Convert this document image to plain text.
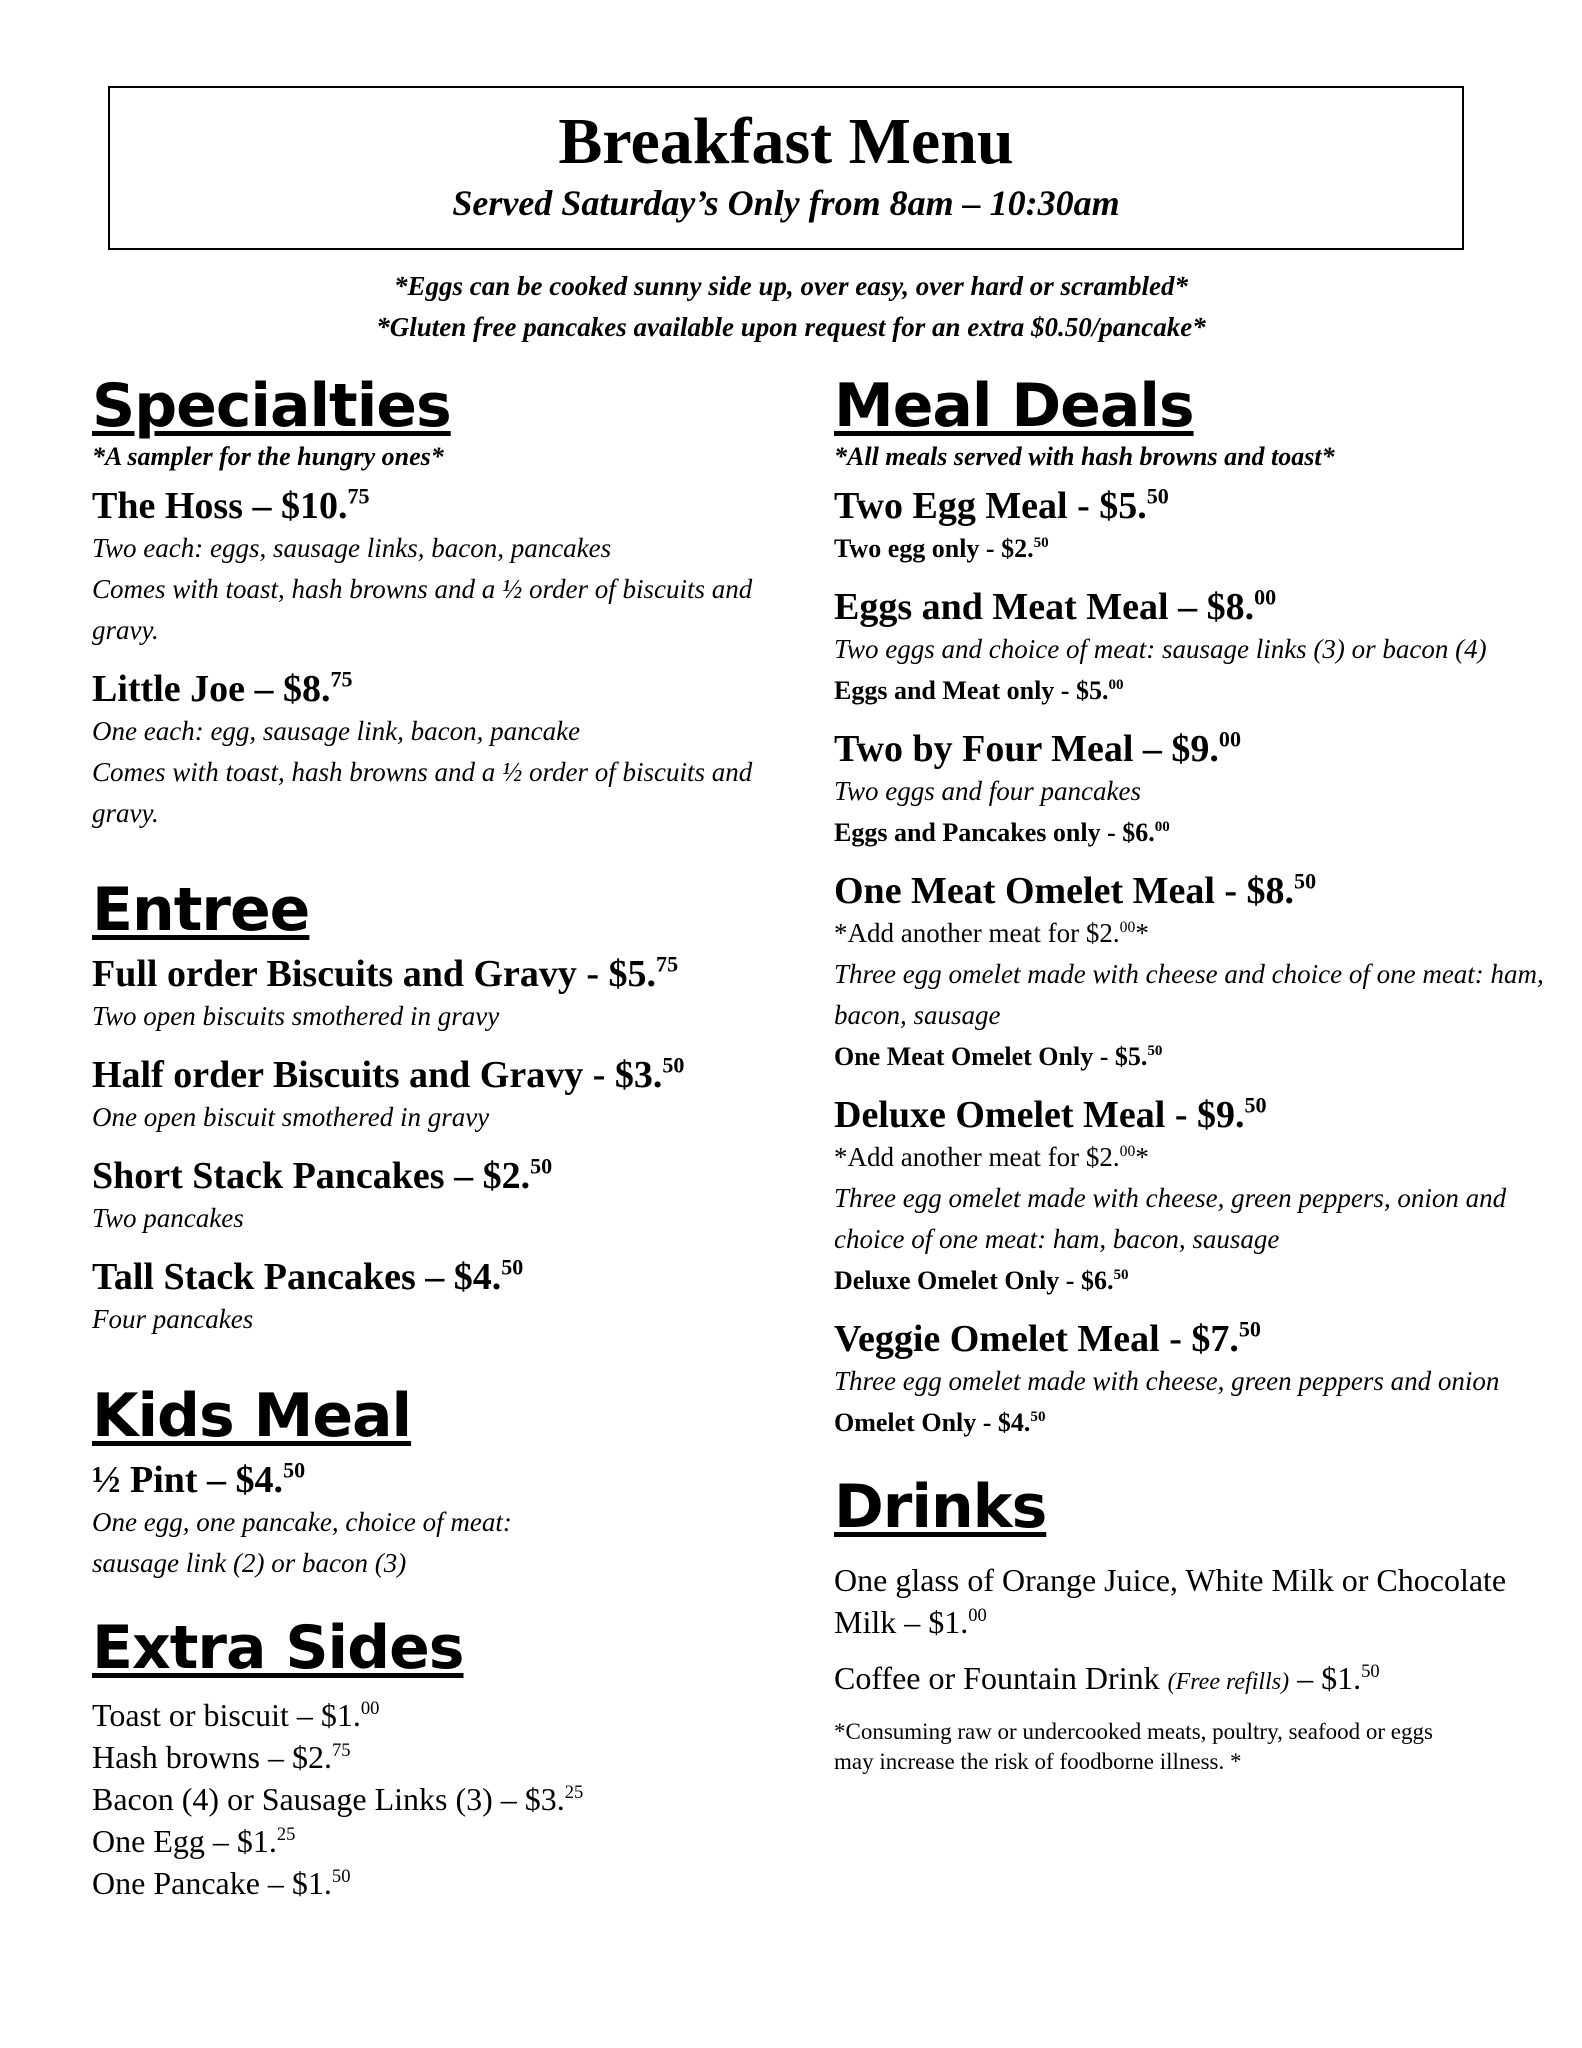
Breakfast Menu
Served Saturday’s Only from 8am – 10:30am
*Eggs can be cooked sunny side up, over easy, over hard or scrambled*
*Gluten free pancakes available upon request for an extra $0.50/pancake*
Specialties
*A sampler for the hungry ones*
The Hoss – $10.75
Two each: eggs, sausage links, bacon, pancakes
Comes with toast, hash browns and a ½ order of biscuits and gravy.
Little Joe – $8.75
One each: egg, sausage link, bacon, pancake
Comes with toast, hash browns and a ½ order of biscuits and gravy.
Entree
Full order Biscuits and Gravy - $5.75
Two open biscuits smothered in gravy
Half order Biscuits and Gravy - $3.50
One open biscuit smothered in gravy
Short Stack Pancakes – $2.50
Two pancakes
Tall Stack Pancakes – $4.50
Four pancakes
Kids Meal
½ Pint – $4.50
One egg, one pancake, choice of meat:
sausage link (2) or bacon (3)
Extra Sides
Toast or biscuit – $1.00
Hash browns – $2.75
Bacon (4) or Sausage Links (3) – $3.25
One Egg – $1.25
One Pancake – $1.50
Meal Deals
*All meals served with hash browns and toast*
Two Egg Meal - $5.50
Two egg only - $2.50
Eggs and Meat Meal – $8.00
Two eggs and choice of meat: sausage links (3) or bacon (4)
Eggs and Meat only - $5.00
Two by Four Meal – $9.00
Two eggs and four pancakes
Eggs and Pancakes only - $6.00
One Meat Omelet Meal - $8.50
*Add another meat for $2.00*
Three egg omelet made with cheese and choice of one meat: ham, bacon, sausage
One Meat Omelet Only - $5.50
Deluxe Omelet Meal - $9.50
*Add another meat for $2.00*
Three egg omelet made with cheese, green peppers, onion and choice of one meat: ham, bacon, sausage
Deluxe Omelet Only - $6.50
Veggie Omelet Meal - $7.50
Three egg omelet made with cheese, green peppers and onion
Omelet Only - $4.50
Drinks
One glass of Orange Juice, White Milk or Chocolate Milk – $1.00
Coffee or Fountain Drink (Free refills) – $1.50
*Consuming raw or undercooked meats, poultry, seafood or eggs may increase the risk of foodborne illness. *
